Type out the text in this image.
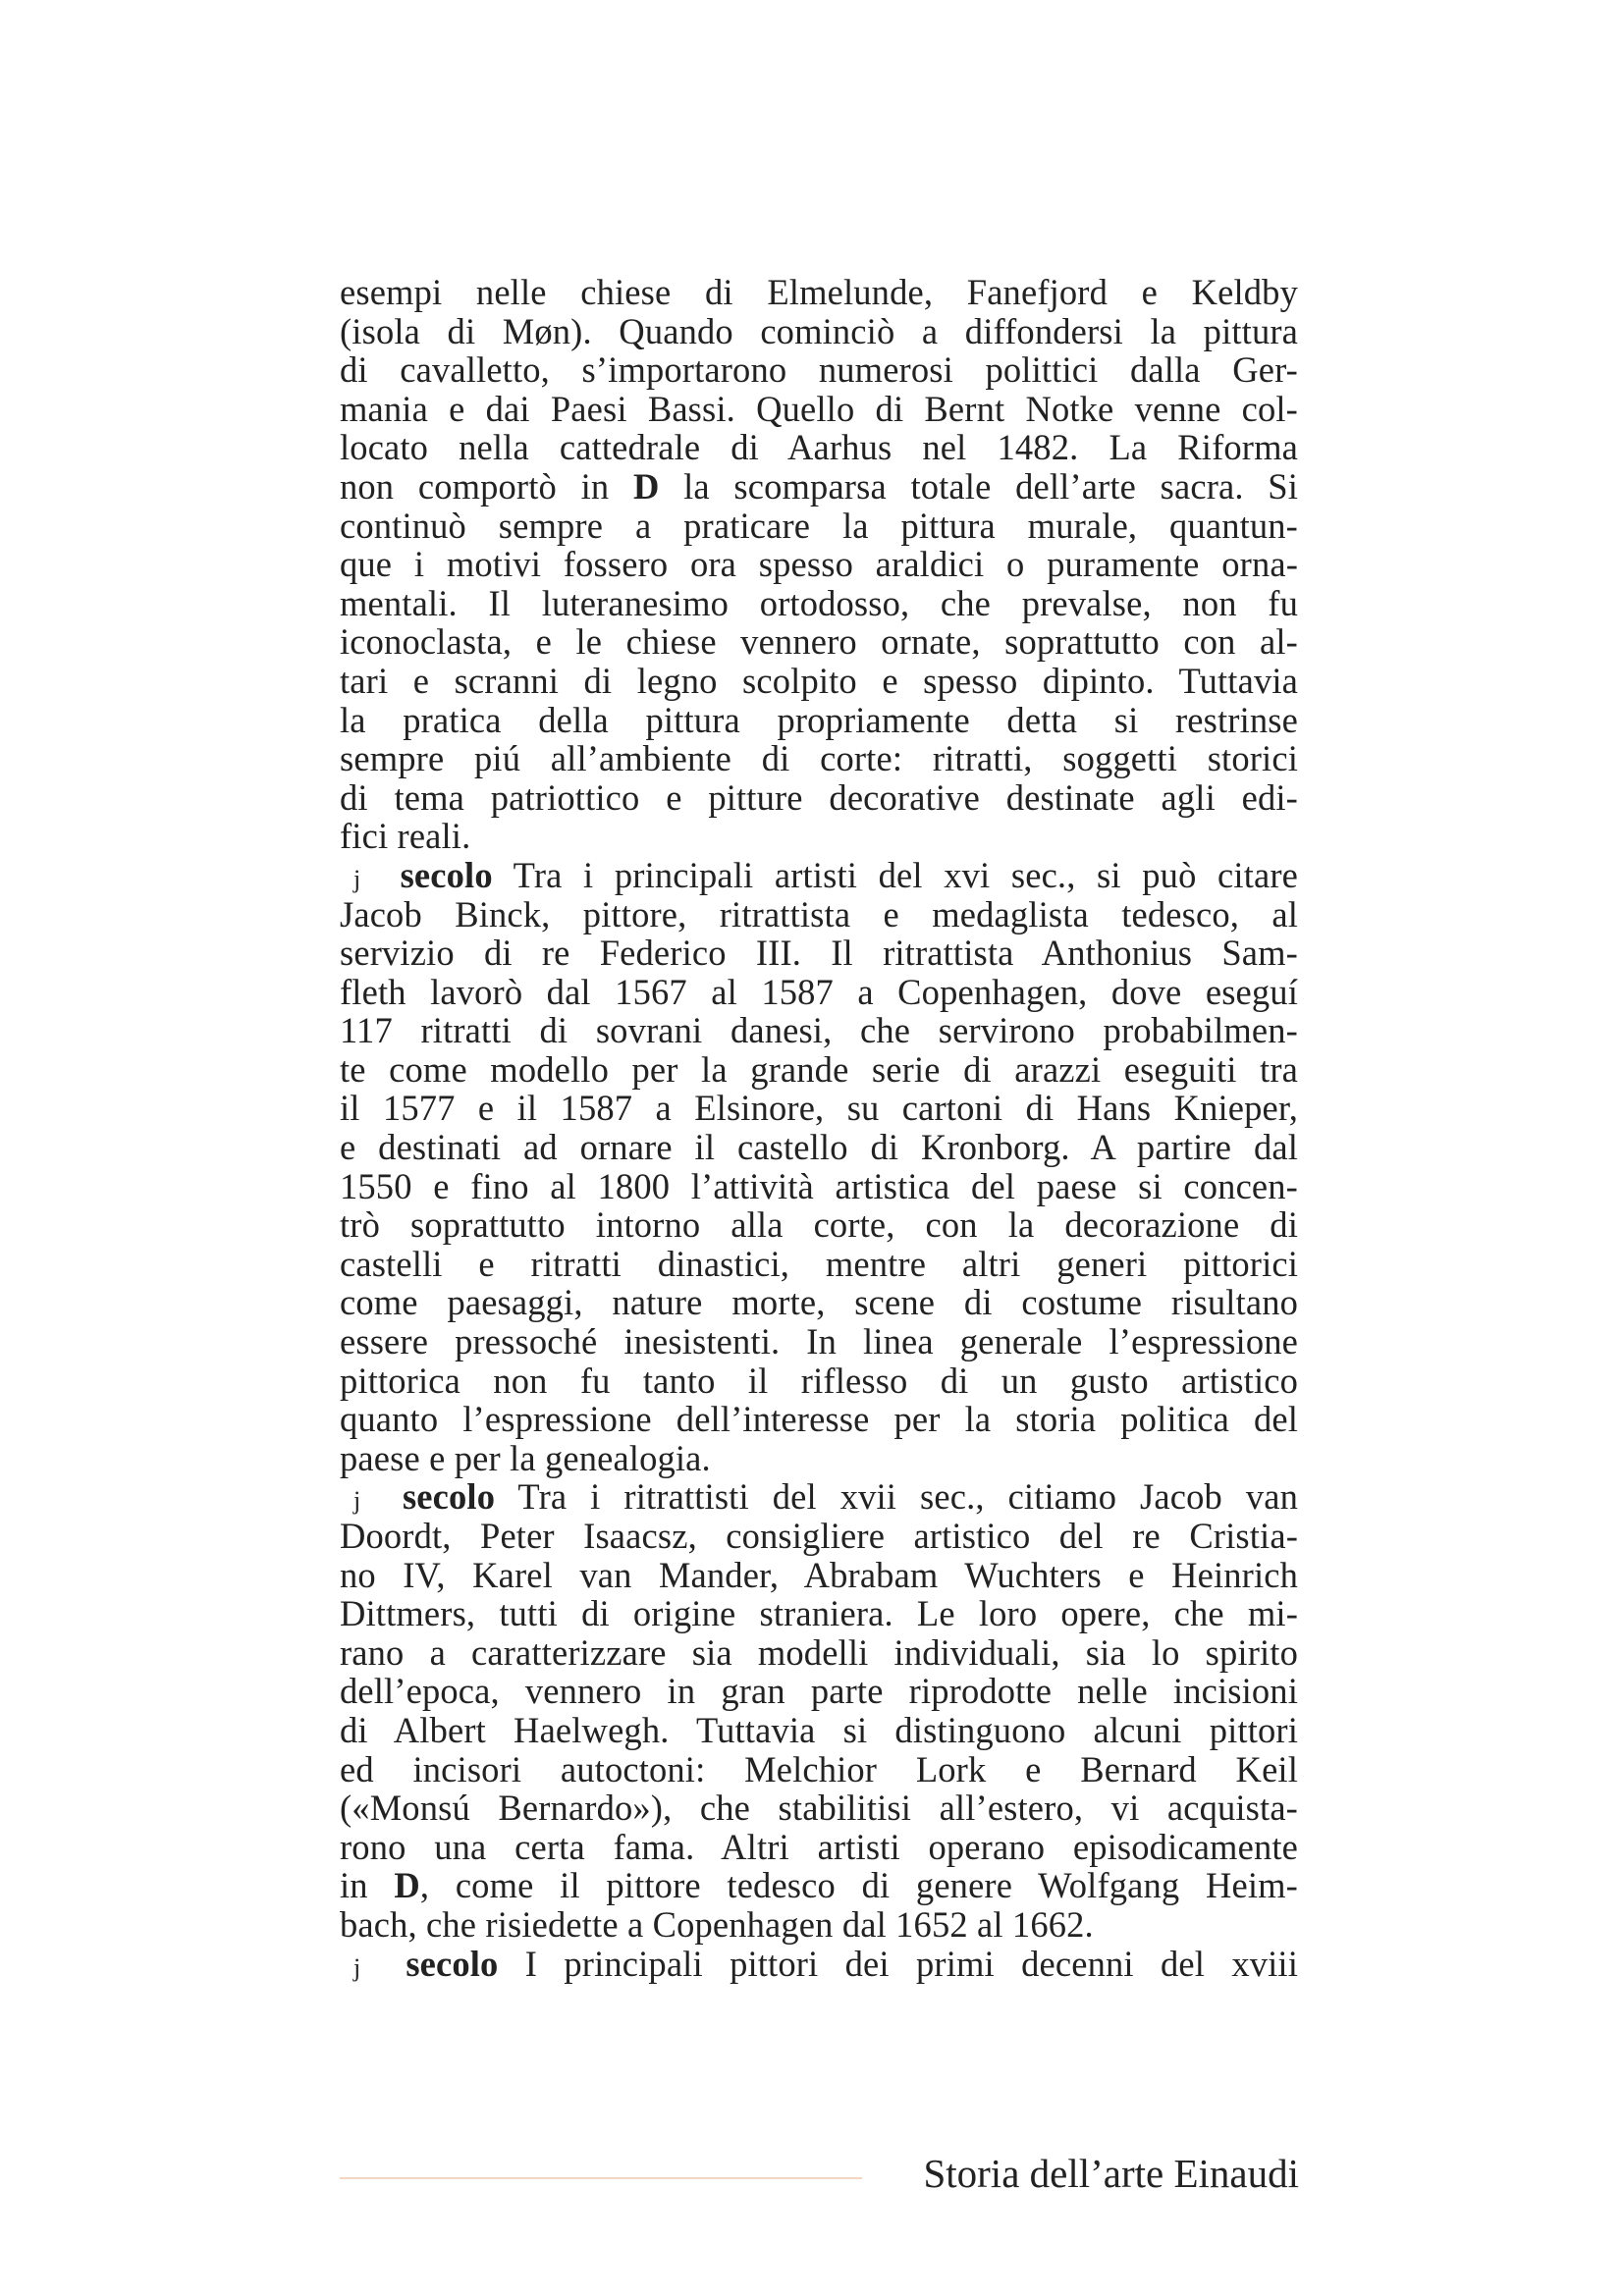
esempi nelle chiese di Elmelunde, Fanefjord e Keldby
(isola di Møn). Quando cominciò a diffondersi la pittura
di cavalletto, s’importarono numerosi polittici dalla Ger-
mania e dai Paesi Bassi. Quello di Bernt Notke venne col-
locato nella cattedrale di Aarhus nel 1482. La Riforma
non comportò in D la scomparsa totale dell’arte sacra. Si
continuò sempre a praticare la pittura murale, quantun-
que i motivi fossero ora spesso araldici o puramente orna-
mentali. Il luteranesimo ortodosso, che prevalse, non fu
iconoclasta, e le chiese vennero ornate, soprattutto con al-
tari e scranni di legno scolpito e spesso dipinto. Tuttavia
la pratica della pittura propriamente detta si restrinse
sempre piú all’ambiente di corte: ritratti, soggetti storici
di tema patriottico e pitture decorative destinate agli edi-
fici reali.
j secolo Tra i principali artisti del xvi sec., si può citare
Jacob Binck, pittore, ritrattista e medaglista tedesco, al
servizio di re Federico III. Il ritrattista Anthonius Sam-
fleth lavorò dal 1567 al 1587 a Copenhagen, dove eseguí
117 ritratti di sovrani danesi, che servirono probabilmen-
te come modello per la grande serie di arazzi eseguiti tra
il 1577 e il 1587 a Elsinore, su cartoni di Hans Knieper,
e destinati ad ornare il castello di Kronborg. A partire dal
1550 e fino al 1800 l’attività artistica del paese si concen-
trò soprattutto intorno alla corte, con la decorazione di
castelli e ritratti dinastici, mentre altri generi pittorici
come paesaggi, nature morte, scene di costume risultano
essere pressoché inesistenti. In linea generale l’espressione
pittorica non fu tanto il riflesso di un gusto artistico
quanto l’espressione dell’interesse per la storia politica del
paese e per la genealogia.
j secolo Tra i ritrattisti del xvii sec., citiamo Jacob van
Doordt, Peter Isaacsz, consigliere artistico del re Cristia-
no IV, Karel van Mander, Abrabam Wuchters e Heinrich
Dittmers, tutti di origine straniera. Le loro opere, che mi-
rano a caratterizzare sia modelli individuali, sia lo spirito
dell’epoca, vennero in gran parte riprodotte nelle incisioni
di Albert Haelwegh. Tuttavia si distinguono alcuni pittori
ed incisori autoctoni: Melchior Lork e Bernard Keil
(«Monsú Bernardo»), che stabilitisi all’estero, vi acquista-
rono una certa fama. Altri artisti operano episodicamente
in D, come il pittore tedesco di genere Wolfgang Heim-
bach, che risiedette a Copenhagen dal 1652 al 1662.
j secolo I principali pittori dei primi decenni del xviii
Storia dell’arte Einaudi
